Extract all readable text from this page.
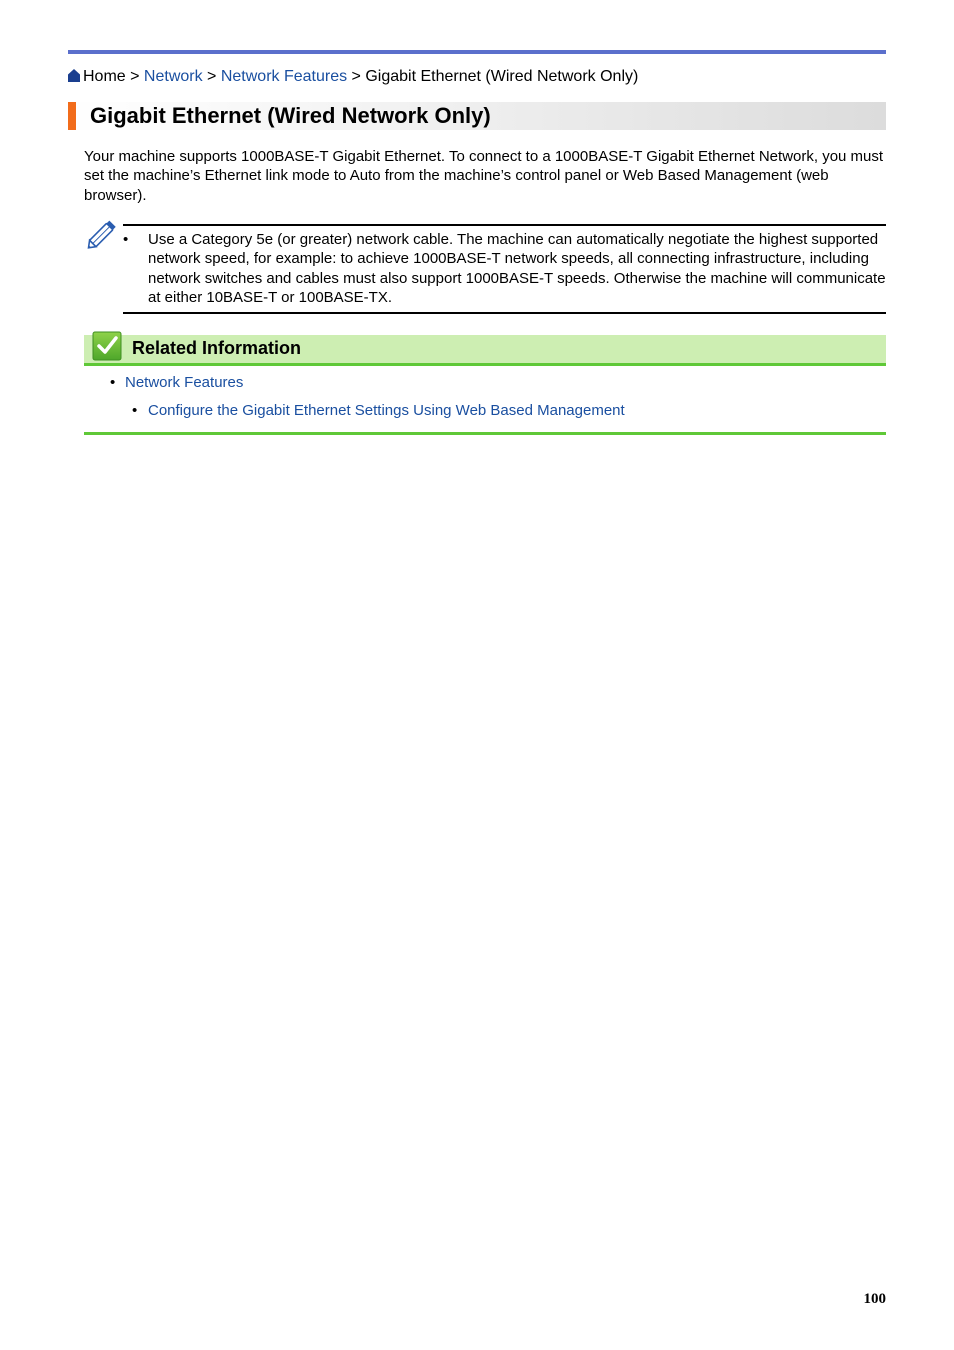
Home > Network > Network Features > Gigabit Ethernet (Wired Network Only)
Gigabit Ethernet (Wired Network Only)

Your machine supports 1000BASE-T Gigabit Ethernet. To connect to a 1000BASE-T Gigabit Ethernet Network, you must set the machine’s Ethernet link mode to Auto from the machine’s control panel or Web Based Management (web browser).

• Use a Category 5e (or greater) network cable. The machine can automatically negotiate the highest supported network speed, for example: to achieve 1000BASE-T network speeds, all connecting infrastructure, including network switches and cables must also support 1000BASE-T speeds. Otherwise the machine will communicate at either 10BASE-T or 100BASE-TX.
Related Information
• Network Features
• Configure the Gigabit Ethernet Settings Using Web Based Management
100
